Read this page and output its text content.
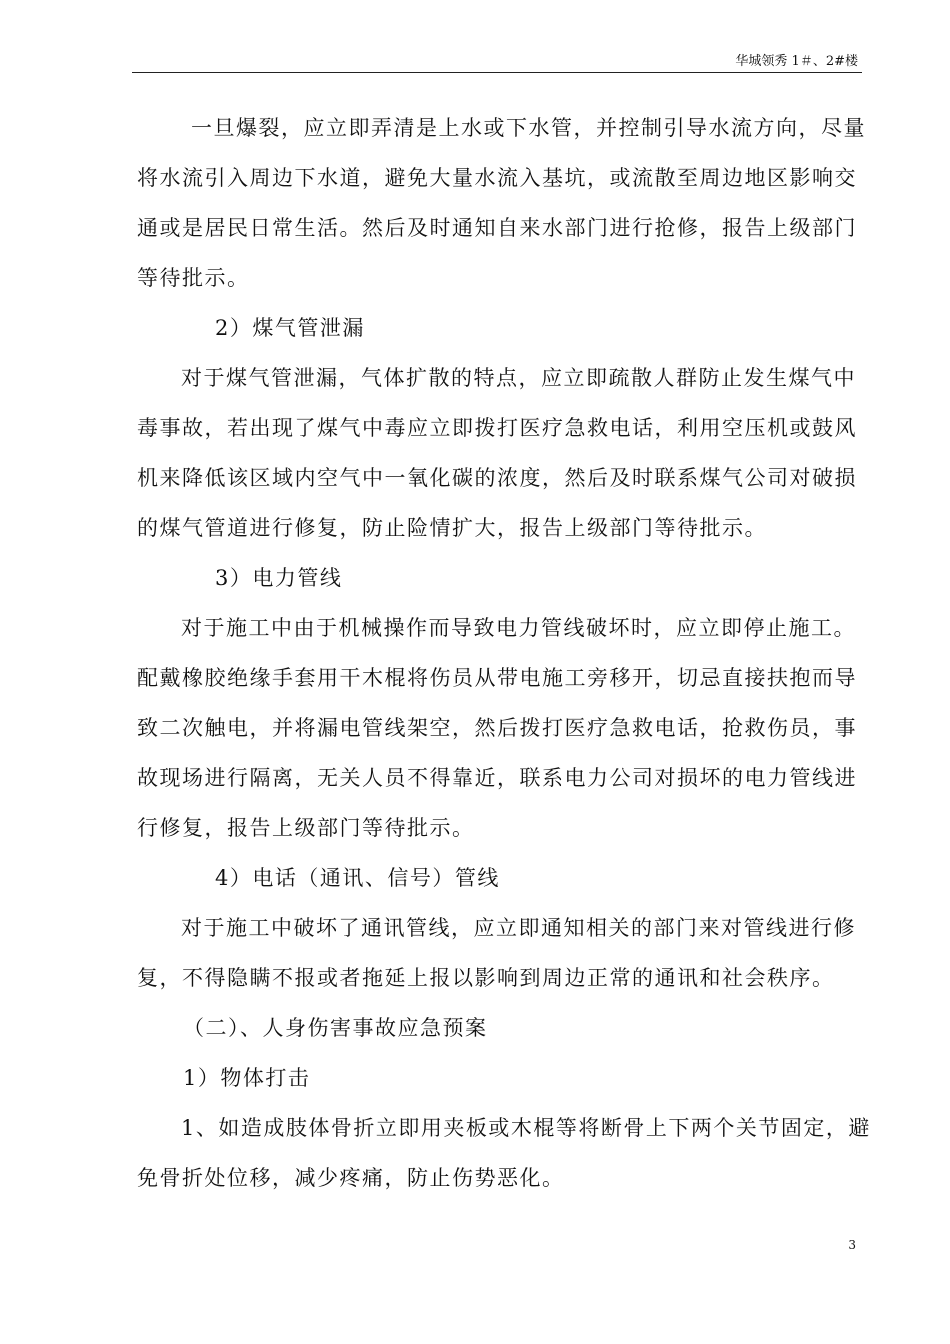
华城领秀 1＃、2#楼

一旦爆裂，应立即弄清是上水或下水管，并控制引导水流方向，尽量

将水流引入周边下水道，避免大量水流入基坑，或流散至周边地区影响交

通或是居民日常生活。然后及时通知自来水部门进行抢修，报告上级部门

等待批示。

2）煤气管泄漏

对于煤气管泄漏，气体扩散的特点，应立即疏散人群防止发生煤气中

毒事故，若出现了煤气中毒应立即拨打医疗急救电话，利用空压机或鼓风

机来降低该区域内空气中一氧化碳的浓度，然后及时联系煤气公司对破损

的煤气管道进行修复，防止险情扩大，报告上级部门等待批示。

3）电力管线

对于施工中由于机械操作而导致电力管线破坏时，应立即停止施工。

配戴橡胶绝缘手套用干木棍将伤员从带电施工旁移开，切忌直接扶抱而导

致二次触电，并将漏电管线架空，然后拨打医疗急救电话，抢救伤员，事

故现场进行隔离，无关人员不得靠近，联系电力公司对损坏的电力管线进

行修复，报告上级部门等待批示。

4）电话（通讯、信号）管线

对于施工中破坏了通讯管线，应立即通知相关的部门来对管线进行修

复，不得隐瞒不报或者拖延上报以影响到周边正常的通讯和社会秩序。

（二）、人身伤害事故应急预案

1）物体打击

1、如造成肢体骨折立即用夹板或木棍等将断骨上下两个关节固定，避

免骨折处位移，减少疼痛，防止伤势恶化。

3
